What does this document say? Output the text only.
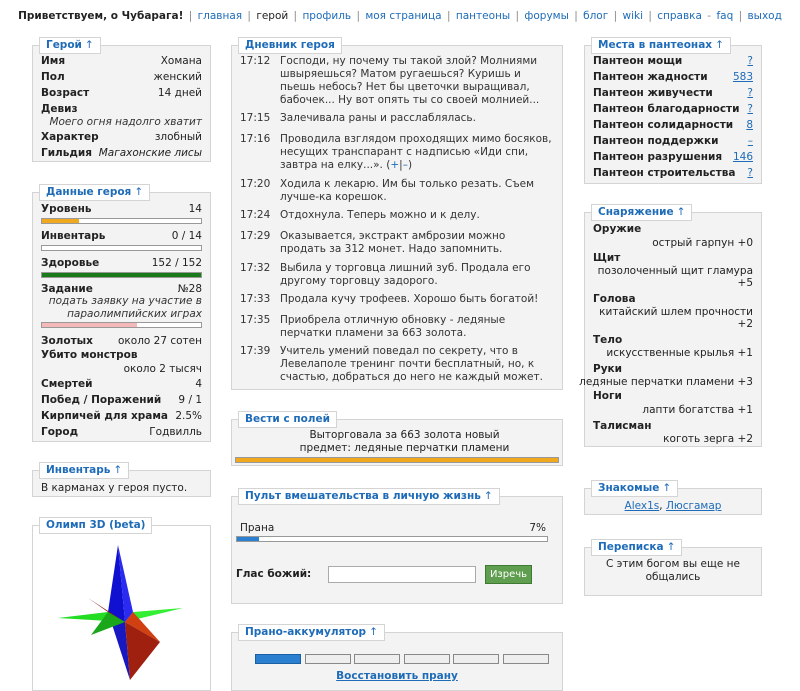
Приветствуем, о Чубарага! | главная | герой | профиль | моя страница | пантеоны | форумы | блог | wiki | справка - faq | выход
Герой ↑
Имя	Хомана
Пол	женский
Возраст	14 дней
Девиз
Моего огня надолго хватит
Характер	злобный
Гильдия Магахонские лисы
Данные героя ↑
Уровень	14
Инвентарь	0 / 14
Здоровье	152 / 152
Задание	№28
подать заявку на участие в параолимпийских играх
Золотых около 27 сотен
Убито монстров
около 2 тысяч
Смертей	4
Побед / Поражений 9 / 1
Кирпичей для храма 2.5%
Город	Годвилль
Инвентарь ↑
В карманах у героя пусто.
Олимп 3D (beta)
Дневник героя
17:12 Господи, ну почему ты такой злой? Молниями швыряешься? Матом ругаешься? Куришь и пьешь небось? Нет бы цветочки выращивал, бабочек... Ну вот опять ты со своей молнией...
17:15 Залечивала раны и расслаблялась.
17:16 Проводила взглядом проходящих мимо босяков, несущих транспарант с надписью «Иди спи, завтра на елку...». (+|–)
17:20 Ходила к лекарю. Им бы только резать. Съем лучше-ка корешок.
17:24 Отдохнула. Теперь можно и к делу.
17:29 Оказывается, экстракт амброзии можно продать за 312 монет. Надо запомнить.
17:32 Выбила у торговца лишний зуб. Продала его другому торговцу задорого.
17:33 Продала кучу трофеев. Хорошо быть богатой!
17:35 Приобрела отличную обновку - ледяные перчатки пламени за 663 золота.
17:39 Учитель умений поведал по секрету, что в Левелаполе тренинг почти бесплатный, но, к счастью, добраться до него не каждый может.
Вести с полей
Выторговала за 663 золота новый предмет: ледяные перчатки пламени
Пульт вмешательства в личную жизнь ↑
Прана	7%
Глас божий:	Изречь
Прано-аккумулятор ↑
Восстановить прану
Места в пантеонах ↑
Пантеон мощи	?
Пантеон жадности 583
Пантеон живучести	?
Пантеон благодарности ?
Пантеон солидарности 8
Пантеон поддержки	–
Пантеон разрушения 146
Пантеон строительства ?
Снаряжение ↑
Оружие
острый гарпун +0
Щит
позолоченный щит гламура
+5
Голова
китайский шлем прочности
+2
Тело
искусственные крылья +1
Руки
ледяные перчатки пламени +3
Ноги
лапти богатства +1
Талисман
коготь зерга +2
Знакомые ↑
Alex1s, Люсгамар
Переписка ↑
С этим богом вы еще не общались
